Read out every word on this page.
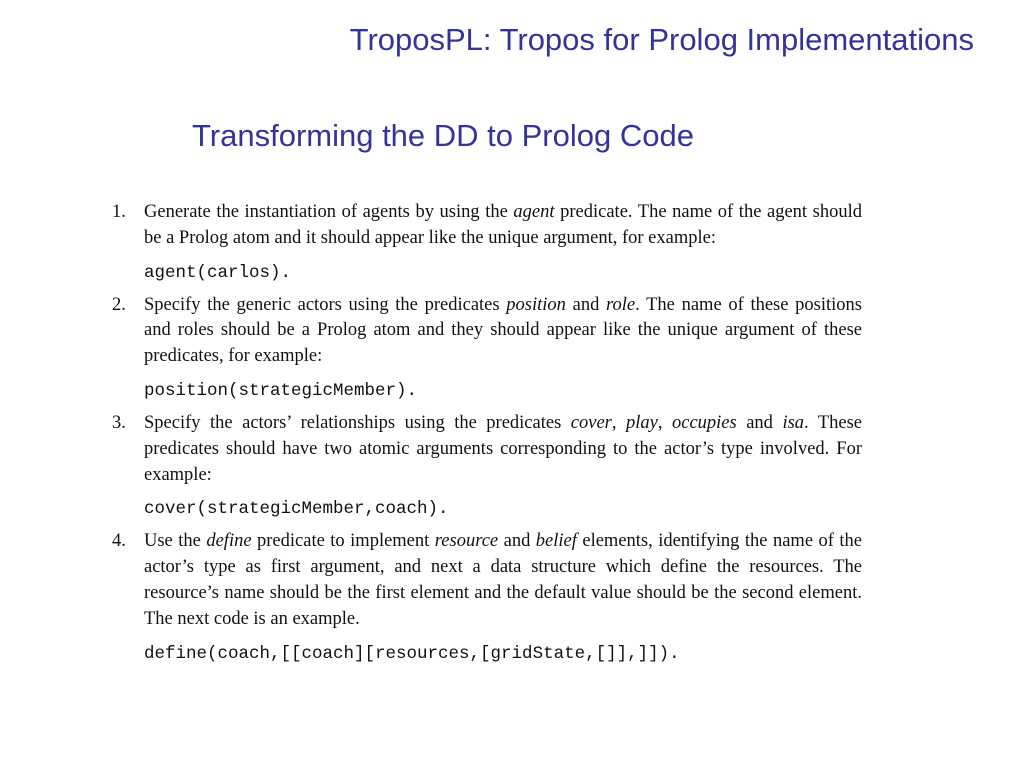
TroposPL: Tropos for Prolog Implementations
Transforming the DD to Prolog Code
1. Generate the instantiation of agents by using the agent predicate. The name of the agent should be a Prolog atom and it should appear like the unique argument, for example:

agent(carlos).
2. Specify the generic actors using the predicates position and role. The name of these positions and roles should be a Prolog atom and they should appear like the unique argument of these predicates, for example:

position(strategicMember).
3. Specify the actors’ relationships using the predicates cover, play, occupies and isa. These predicates should have two atomic arguments corresponding to the actor’s type involved. For example:

cover(strategicMember,coach).
4. Use the define predicate to implement resource and belief elements, identifying the name of the actor’s type as first argument, and next a data structure which define the resources. The resource’s name should be the first element and the default value should be the second element. The next code is an example.

define(coach,[[coach][resources,[gridState,[]],]]).
